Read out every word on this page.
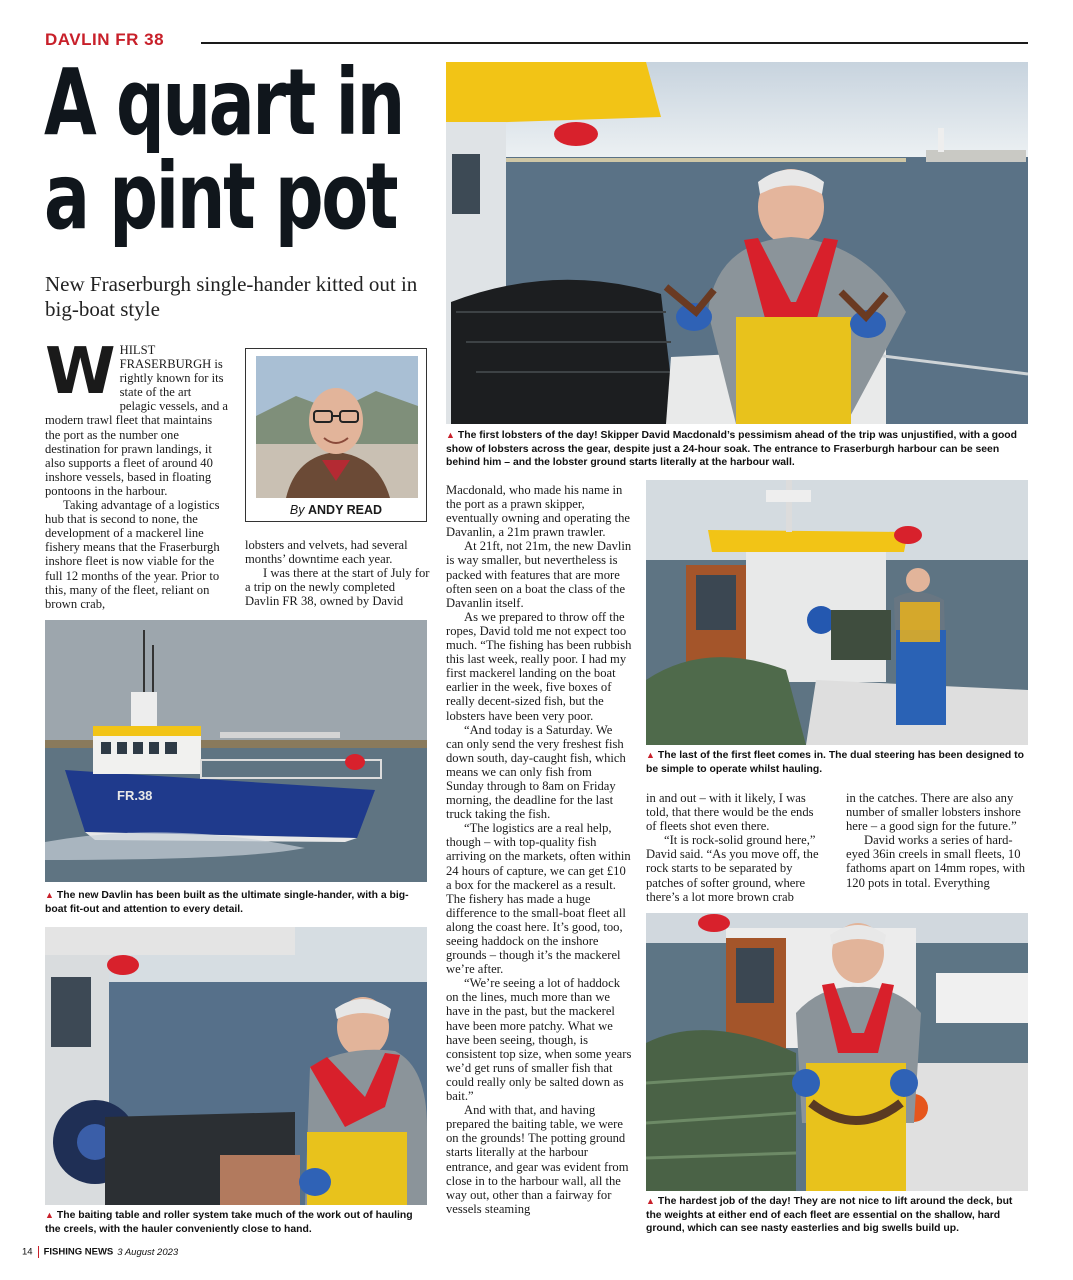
DAVLIN FR 38
A quart in a pint pot
New Fraserburgh single-hander kitted out in big-boat style
By ANDY READ
W HILST FRASERBURGH is rightly known for its state of the art pelagic vessels, and a modern trawl fleet that maintains the port as the number one destination for prawn landings, it also supports a fleet of around 40 inshore vessels, based in floating pontoons in the harbour.

Taking advantage of a logistics hub that is second to none, the development of a mackerel line fishery means that the Fraserburgh inshore fleet is now viable for the full 12 months of the year. Prior to this, many of the fleet, reliant on brown crab,

lobsters and velvets, had several months’ downtime each year.

I was there at the start of July for a trip on the newly completed Davlin FR 38, owned by David

Macdonald, who made his name in the port as a prawn skipper, eventually owning and operating the Davanlin, a 21m prawn trawler.

At 21ft, not 21m, the new Davlin is way smaller, but nevertheless is packed with features that are more often seen on a boat the class of the Davanlin itself.

As we prepared to throw off the ropes, David told me not expect too much. “The fishing has been rubbish this last week, really poor. I had my first mackerel landing on the boat earlier in the week, five boxes of really decent-sized fish, but the lobsters have been very poor.

“And today is a Saturday. We can only send the very freshest fish down south, day-caught fish, which means we can only fish from Sunday through to 8am on Friday morning, the deadline for the last truck taking the fish.

“The logistics are a real help, though – with top-quality fish arriving on the markets, often within 24 hours of capture, we can get £10 a box for the mackerel as a result. The fishery has made a huge difference to the small-boat fleet all along the coast here. It’s good, too, seeing haddock on the inshore grounds – though it’s the mackerel we’re after.

“We’re seeing a lot of haddock on the lines, much more than we have in the past, but the mackerel have been more patchy. What we have been seeing, though, is consistent top size, when some years we’d get runs of smaller fish that could really only be salted down as bait.”

And with that, and having prepared the baiting table, we were on the grounds! The potting ground starts literally at the harbour entrance, and gear was evident from close in to the harbour wall, all the way out, other than a fairway for vessels steaming

in and out – with it likely, I was told, that there would be the ends of fleets shot even there.

“It is rock-solid ground here,” David said. “As you move off, the rock starts to be separated by patches of softer ground, where there’s a lot more brown crab

in the catches. There are also any number of smaller lobsters inshore here – a good sign for the future.”

David works a series of hard-eyed 36in creels in small fleets, 10 fathoms apart on 14mm ropes, with 120 pots in total. Everything

▲ The first lobsters of the day! Skipper David Macdonald’s pessimism ahead of the trip was unjustified, with a good show of lobsters across the gear, despite just a 24-hour soak. The entrance to Fraserburgh harbour can be seen behind him – and the lobster ground starts literally at the harbour wall.
▲ The last of the first fleet comes in. The dual steering has been designed to be simple to operate whilst hauling.
FR.38
▲ The new Davlin has been built as the ultimate single-hander, with a big-boat fit-out and attention to every detail.
▲ The baiting table and roller system take much of the work out of hauling the creels, with the hauler conveniently close to hand.
▲ The hardest job of the day! They are not nice to lift around the deck, but the weights at either end of each fleet are essential on the shallow, hard ground, which can see nasty easterlies and big swells build up.
14 FISHING NEWS 3 August 2023
